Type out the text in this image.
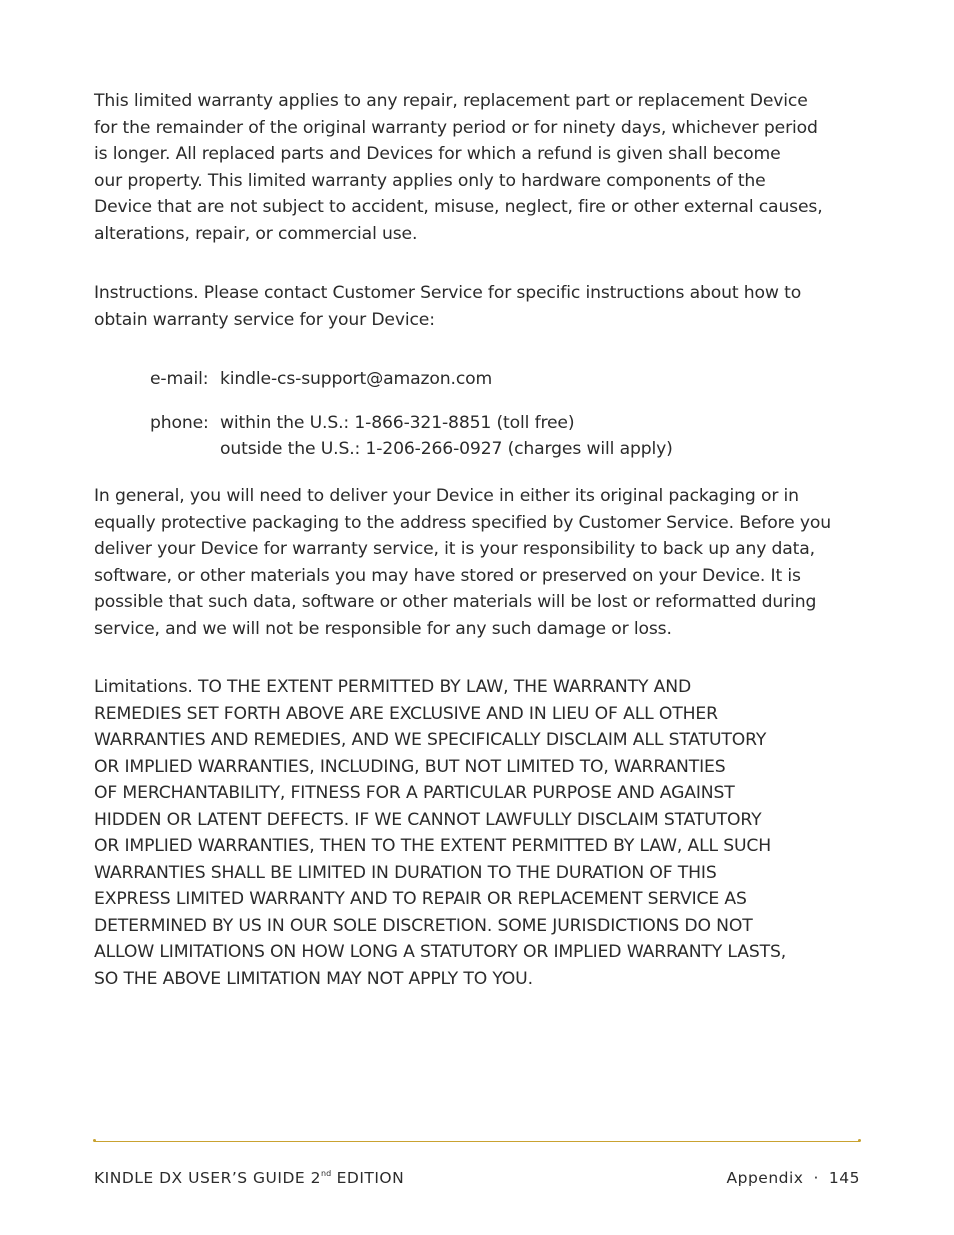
This limited warranty applies to any repair, replacement part or replacement Device
for the remainder of the original warranty period or for ninety days, whichever period
is longer. All replaced parts and Devices for which a refund is given shall become
our property. This limited warranty applies only to hardware components of the
Device that are not subject to accident, misuse, neglect, fire or other external causes,
alterations, repair, or commercial use.

Instructions. Please contact Customer Service for specific instructions about how to
obtain warranty service for your Device:

e-mail: kindle-cs-support@amazon.com
phone: within the U.S.: 1-866-321-8851 (toll free)
outside the U.S.: 1-206-266-0927 (charges will apply)

In general, you will need to deliver your Device in either its original packaging or in
equally protective packaging to the address specified by Customer Service. Before you
deliver your Device for warranty service, it is your responsibility to back up any data,
software, or other materials you may have stored or preserved on your Device. It is
possible that such data, software or other materials will be lost or reformatted during
service, and we will not be responsible for any such damage or loss.

Limitations. TO THE EXTENT PERMITTED BY LAW, THE WARRANTY AND
REMEDIES SET FORTH ABOVE ARE EXCLUSIVE AND IN LIEU OF ALL OTHER
WARRANTIES AND REMEDIES, AND WE SPECIFICALLY DISCLAIM ALL STATUTORY
OR IMPLIED WARRANTIES, INCLUDING, BUT NOT LIMITED TO, WARRANTIES
OF MERCHANTABILITY, FITNESS FOR A PARTICULAR PURPOSE AND AGAINST
HIDDEN OR LATENT DEFECTS. IF WE CANNOT LAWFULLY DISCLAIM STATUTORY
OR IMPLIED WARRANTIES, THEN TO THE EXTENT PERMITTED BY LAW, ALL SUCH
WARRANTIES SHALL BE LIMITED IN DURATION TO THE DURATION OF THIS
EXPRESS LIMITED WARRANTY AND TO REPAIR OR REPLACEMENT SERVICE AS
DETERMINED BY US IN OUR SOLE DISCRETION. SOME JURISDICTIONS DO NOT
ALLOW LIMITATIONS ON HOW LONG A STATUTORY OR IMPLIED WARRANTY LASTS,
SO THE ABOVE LIMITATION MAY NOT APPLY TO YOU.

KINDLE DX USER’S GUIDE 2nd EDITION	Appendix · 145
